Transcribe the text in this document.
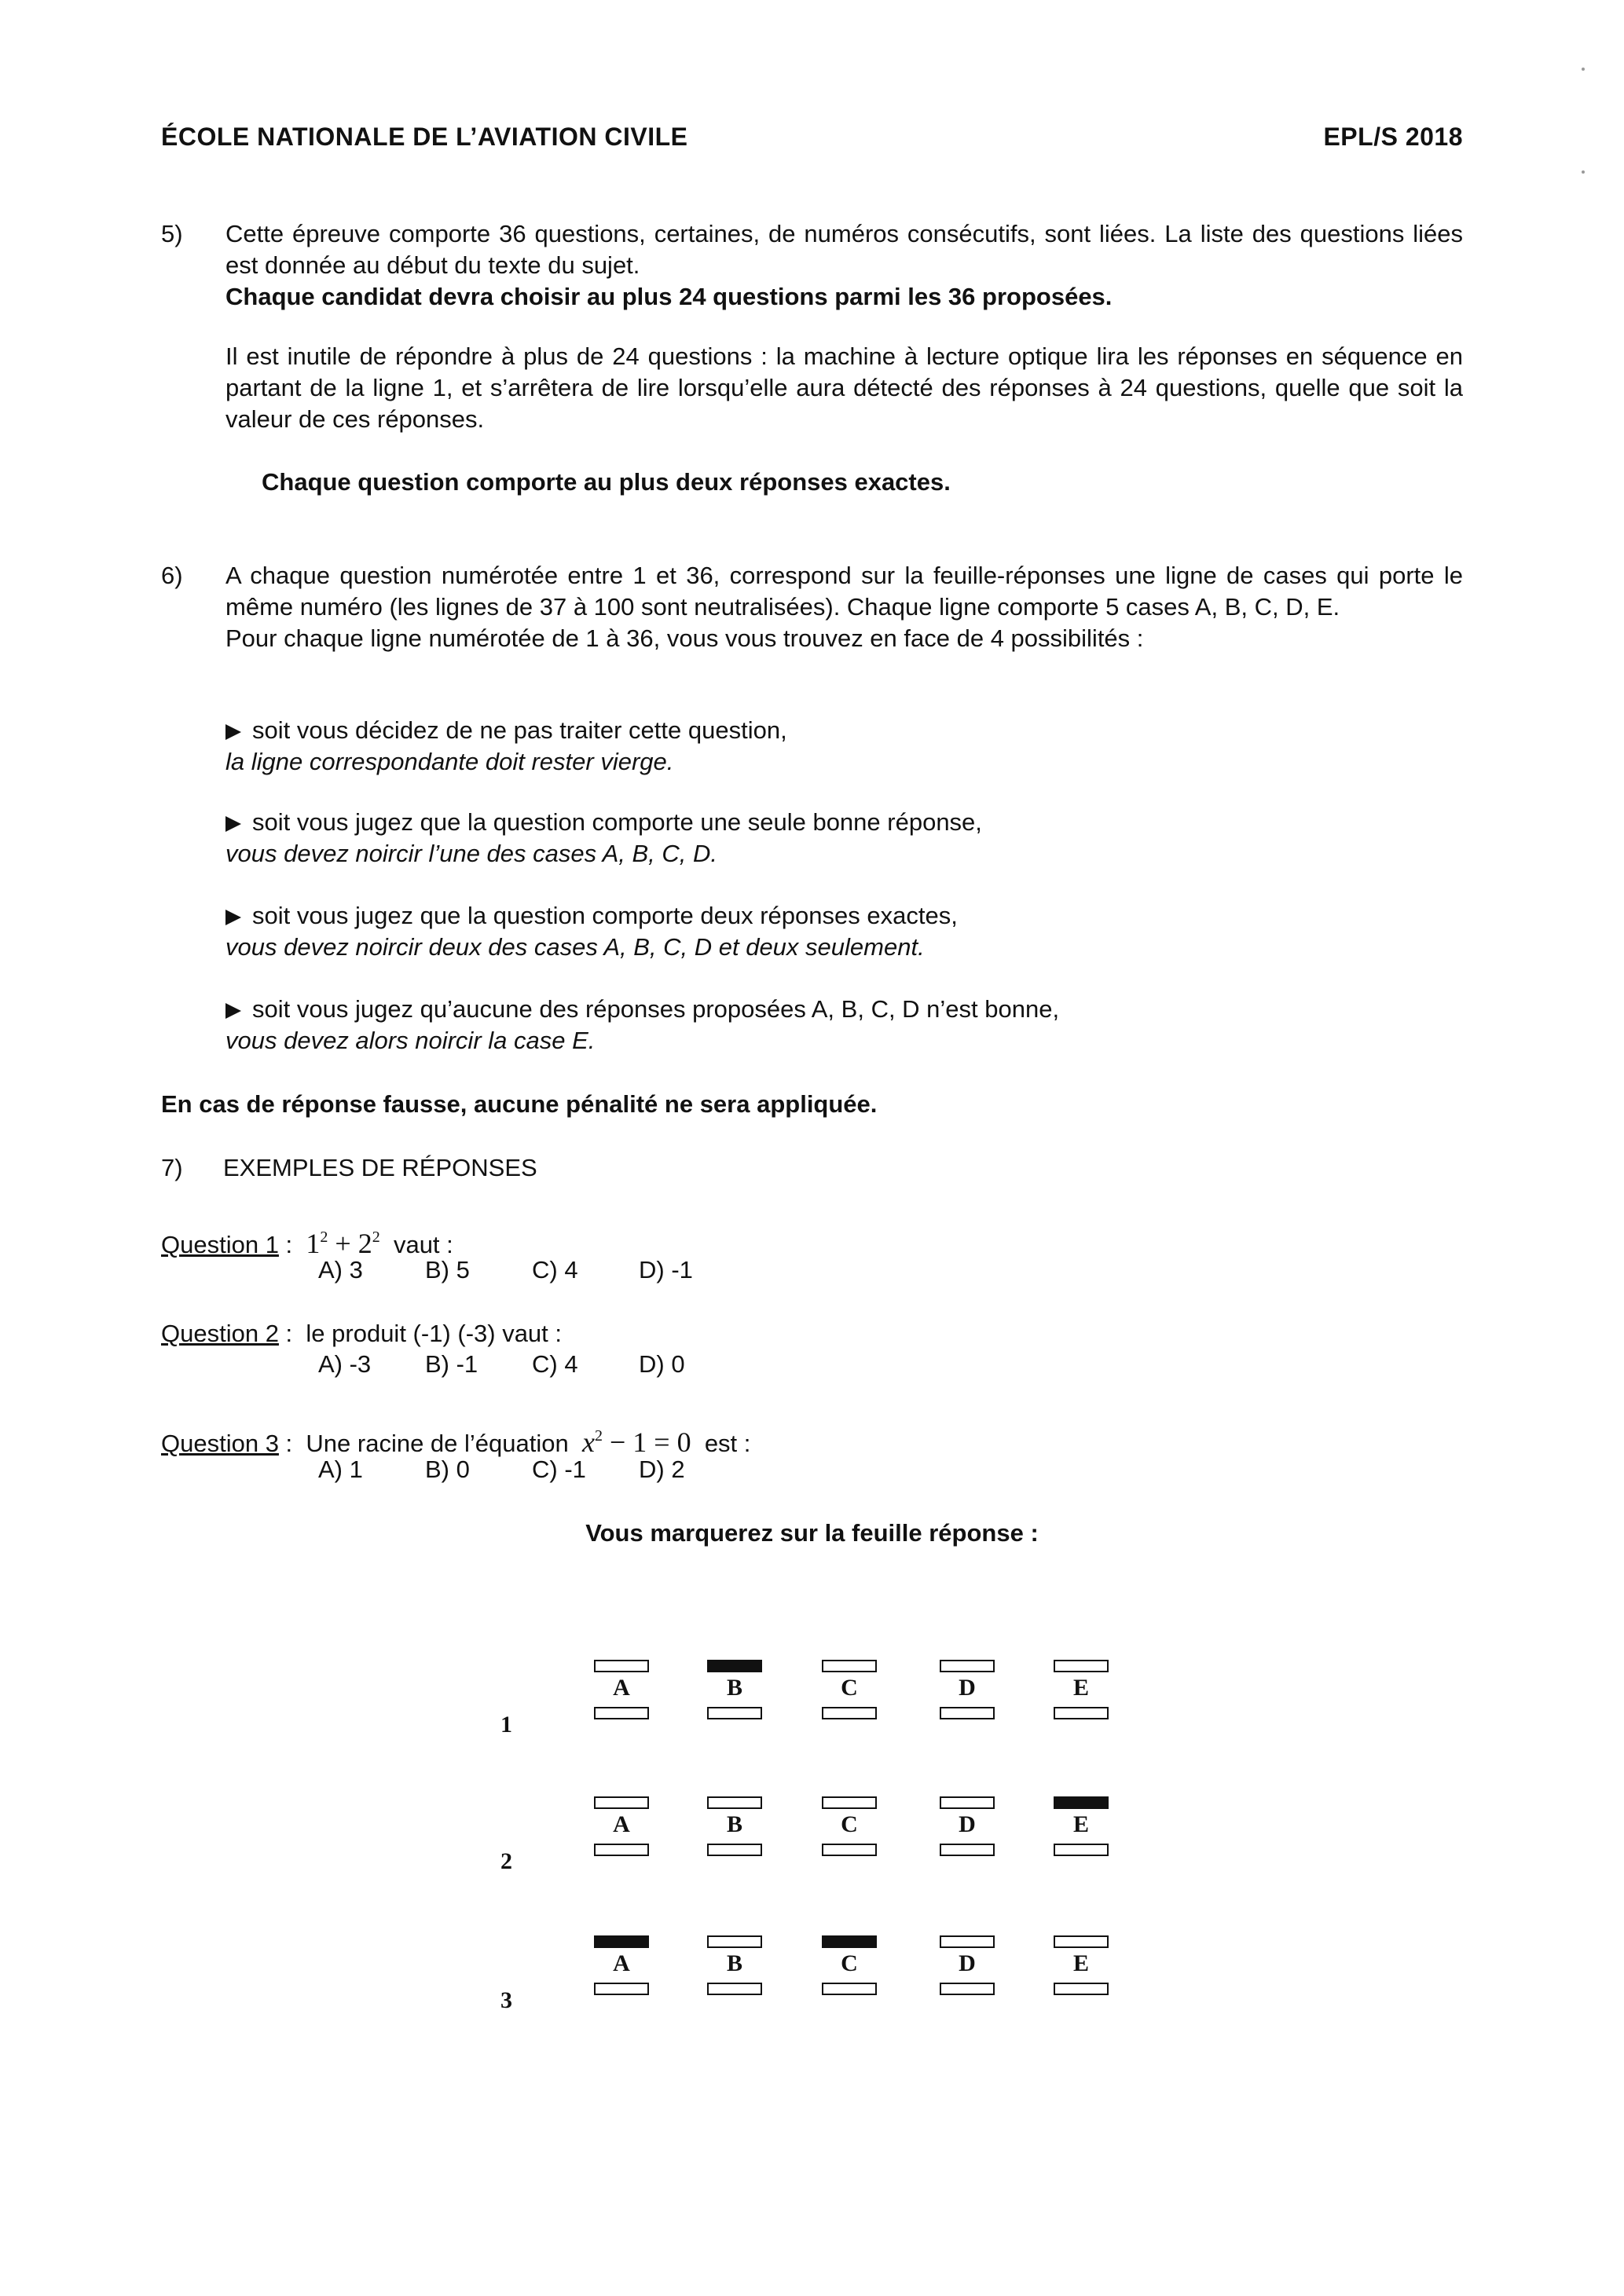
ÉCOLE NATIONALE DE L’AVIATION CIVILE	EPL/S 2018
5) Cette épreuve comporte 36 questions, certaines, de numéros consécutifs, sont liées. La liste des questions liées est donnée au début du texte du sujet.

Chaque candidat devra choisir au plus 24 questions parmi les 36 proposées.

Il est inutile de répondre à plus de 24 questions : la machine à lecture optique lira les réponses en séquence en partant de la ligne 1, et s’arrêtera de lire lorsqu’elle aura détecté des réponses à 24 questions, quelle que soit la valeur de ces réponses.
Chaque question comporte au plus deux réponses exactes.
6) A chaque question numérotée entre 1 et 36, correspond sur la feuille-réponses une ligne de cases qui porte le même numéro (les lignes de 37 à 100 sont neutralisées). Chaque ligne comporte 5 cases A, B, C, D, E.

Pour chaque ligne numérotée de 1 à 36, vous vous trouvez en face de 4 possibilités :

soit vous décidez de ne pas traiter cette question,
la ligne correspondante doit rester vierge.
soit vous jugez que la question comporte une seule bonne réponse,
vous devez noircir l’une des cases A, B, C, D.
soit vous jugez que la question comporte deux réponses exactes,
vous devez noircir deux des cases A, B, C, D et deux seulement.
soit vous jugez qu’aucune des réponses proposées A, B, C, D n’est bonne,
vous devez alors noircir la case E.
En cas de réponse fausse, aucune pénalité ne sera appliquée.
7) EXEMPLES DE RÉPONSES
Question 1 : $1^2 + 2^2$ vaut :
A) 3	B) 5	C) 4 D) -1
Question 2 : le produit (-1) (-3) vaut :
A) -3 B) -1 C) 4 D) 0
Question 3 : Une racine de l’équation $x^2 - 1 = 0$ est :
A) 1	B) 0	C) -1 D) 2
Vous marquerez sur la feuille réponse :
1
A	B	C	D	E
2
A	B	C	D	E
3
A	B	C	D	E
